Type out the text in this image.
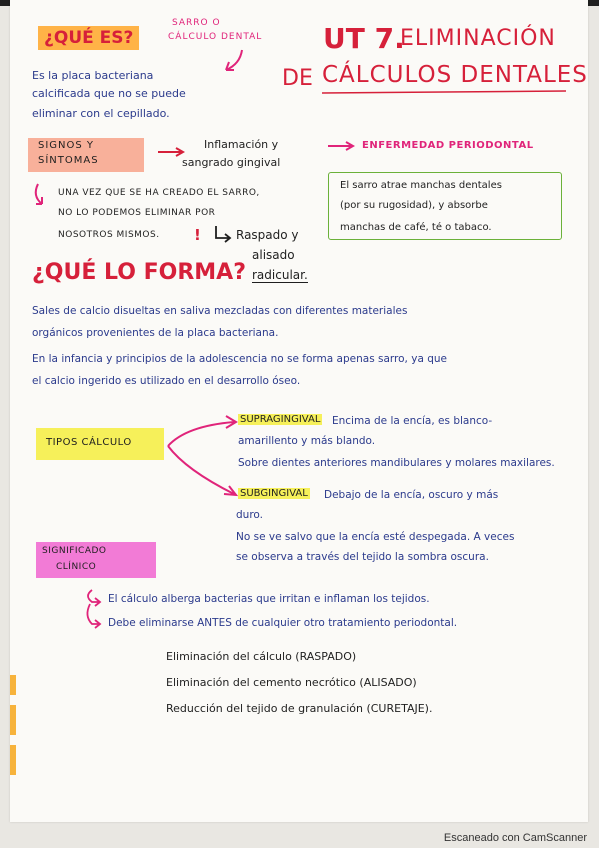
¿QUÉ ES?
SARRO O
CÁLCULO DENTAL UT 7.
ELIMINACIÓN
DE CÁLCULOS DENTALES
Es la placa bacteriana
calcificada que no se puede
eliminar con el cepillado.
SIGNOS Y
SÍNTOMAS
Inflamación y
sangrado gingival
ENFERMEDAD PERIODONTAL
UNA VEZ QUE SE HA CREADO EL SARRO,
NO LO PODEMOS ELIMINAR POR
NOSOTROS MISMOS. !	Raspado y
alisado
radicular.
El sarro atrae manchas dentales
(por su rugosidad), y absorbe
manchas de café, té o tabaco.
¿QUÉ LO FORMA?
Sales de calcio disueltas en saliva mezcladas con diferentes materiales
orgánicos provenientes de la placa bacteriana.
En la infancia y principios de la adolescencia no se forma apenas sarro, ya que
el calcio ingerido es utilizado en el desarrollo óseo.
TIPOS CÁLCULO
SUPRAGINGIVAL Encima de la encía, es blanco-
amarillento y más blando.
Sobre dientes anteriores mandibulares y molares maxilares.
SUBGINGIVAL Debajo de la encía, oscuro y más
duro.
No se ve salvo que la encía esté despegada. A veces
se observa a través del tejido la sombra oscura.
SIGNIFICADO
CLÍNICO
El cálculo alberga bacterias que irritan e inflaman los tejidos.
Debe eliminarse ANTES de cualquier otro tratamiento periodontal.
Eliminación del cálculo (RASPADO)
Eliminación del cemento necrótico (ALISADO)
Reducción del tejido de granulación (CURETAJE).
Escaneado con CamScanner
